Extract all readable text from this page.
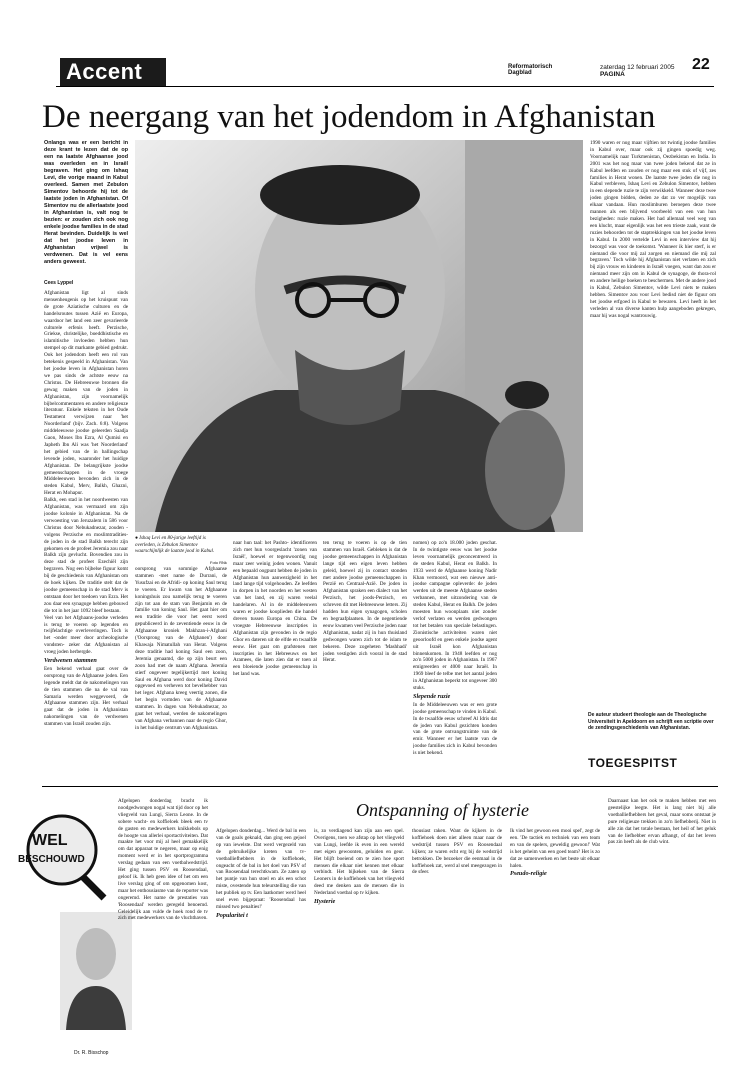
Accent	Reformatorisch Dagblad
zaterdag 12 februari 2005 PAGINA
22
De neergang van het jodendom in Afghanistan
Onlangs was er een bericht in deze krant te lezen dat de op een na laatste Afghaanse jood was overleden en in Israël begraven. Het ging om Ishaq Levi, die vorige maand in Kabul overleed. Samen met Zebulon Simentov behoorde hij tot de laatste joden in Afghanistan. Of Simentov nu de allerlaatste jood in Afghanistan is, valt nog te bezien: er zouden zich ook nog enkele joodse families in de stad Herat bevinden. Duidelijk is wel dat het joodse leven in Afghanistan vrijwel is verdwenen. Dat is vel eens anders geweest.
Cees Lyppel

Afghanistan ligt al sinds mensenheugenis op het kruispunt van de grote Aziatische culturen en de handelsroutes tussen Azië en Europa, waardoor het land een zeer gevarieerde culturele erfenis heeft. Perzische, Griekse, christelijke, boeddhistische en islamitische invloeden hebben hun stempel op dit markante gebied gedrukt. Ook het jodendom heeft een rol van betekenis gespeeld in Afghanistan. Van het joodse leven in Afghanistan horen we pas sinds de achtste eeuw na Christus. De Hebreeuwse bronnen die gewag maken van de joden in Afghanistan, zijn voornamelijk bijbelcommentaren en andere religieuze literatuur. Enkele teksten in het Oude Testament verwijzen naar 'het Noorderland' (bijv. Zach. 6:8). Volgens middeleeuwse joodse geleerden Saadja Gaon, Moses Ibn Ezra, Al Qumisi en Japheth Ibn Ali was 'het Noorderland' het gebied van de in ballingschap levende joden, waaronder het huidige Afghanistan. De belangrijkste joodse gemeenschappen in de vroege Middeleeuwen bevonden zich in de steden Kabul, Merv, Balkh, Ghazni, Herat en Mohapur.

Balkh, een stad in het noordwesten van Afghanistan, was vermaard om zijn joodse kolonie in Afghanistan. Na de verwoesting van Jeruzalem in 586 voor Christus door Nebukadnezar, zouden -volgens Perzische en moslimtradities- de joden in de stad Balkh terecht zijn gekomen en de profeet Jeremia zou naar Balkh zijn gevlucht. Bovendien zou in deze stad de profeet Ezechiël zijn begraven. Nog een bijbelse figuur komt bij de geschiedenis van Afghanistan om de hoek kijken. De traditie stelt dat de joodse gemeenschap in de stad Merv is ontstaan door het toedoen van Ezra. Het zou daar een synagoge hebben gebouwd die tot in het jaar 1092 bleef bestaan.

Veel van het Afghaans-joodse verleden is terug te voeren op legenden en twijfelachtige overleveringen. Toch is het -onder meer door archeologische vondsten- zeker dat Afghanistan al vroeg joden herbergde.

Verdwenen stammen

Een bekend verhaal gaat over de oorsprong van de Afghaanse joden. Een legende meldt dat de nakomelingen van de tien stammen die na de val van Samaria werden weggevoerd, de Afghaanse stammen zijn. Het verhaal gaat dat de joden in Afghanistan nakomelingen van de verdwenen stammen van Israël zouden zijn.

● Ishaq Levi en 80-jarige leeftijd is overleden, is Zebulon Simentov waarschijnlijk de laatste jood in Kabul.
Foto RNk

1990 waren er nog maar vijftien tot twintig joodse families in Kabul over, maar ook zij gingen spoedig weg. Voornamelijk naar Turkmenistan, Oezbekistan en India. In 2001 was het nog maar van twee joden bekend dat ze in Kabul leefden en zouden er nog maar een stuk of vijf, zes families in Herat wonen. De laatste twee joden die nog in Kabul verbleven, Ishaq Levi en Zebulon Simentov, hebben in een slepende ruzie te zijn verwikkeld. Wanneer deze twee joden gingen bidden, deden ze dat zo ver mogelijk van elkaar vandaan. Hun moslimburen beroepen deze twee mannen als een blijvend voorbeeld van een van hun bezigheden: ruzie maken. Het had allemaal veel weg van een klucht, maar eigenlijk was het een trieste zaak, want de ruzies behoorden tot de staptrekkingen van het joodse leven in Kabul. In 2000 vertelde Levi in een interview dat hij bezorgd was voor de toekomst. 'Wanneer ik hier sterf, is er niemand die voor mij zal zorgen en niemand die mij zal begraven.' Toch wilde hij Afghanistan niet verlaten en zich bij zijn vrouw en kinderen in Israël voegen, want dan zou er niemand meer zijn om in Kabul de synagoge, de thora-rol en andere heilige boeken te beschermen. Met de andere jood in Kabul, Zebulon Simentov, wilde Levi niets te maken hebben. Simentov zou voor Levi bedisd niet de figuur om het joodse erfgoed in Kabul te bewaren. Levi heeft in het verleden al van diverse kanten hulp aangeboden gekregen, maar hij was nogal wantrouwig.

oorsprong van sommige Afghaanse stammen -met name de Durrani, de Yusufzai en de Afridi- op koning Saul terug te voeren. Er kwam van het Afghaanse koningshuis zou namelijk terug te voeren zijn tot aan de stam van Benjamin en de familie van koning Saul. Het gaat hier om een traditie die voor het eerst werd gepubliceerd in de zeventiende eeuw in de Afghaanse kroniek Makhzan-i-Afghani ('Oorsprong van de Afghanen') door Khawaja Nimatullah van Herat. Volgens deze traditie had koning Saul een zoon, Jeremia genaamd, die op zijn beurt een zoon had met de naam Afghana. Jeremia stierf ongeveer tegelijkertijd met koning Saul en Afghana werd door koning David opgevoed en verheven tot bevelhebber van het leger. Afghana kreeg veertig zonen, die het begin vormden van de Afghaanse stammen. In dagen van Nebukadnezar, zo gaat het verhaal, werden de nakomelingen van Afghana verbannen naar de regio Ghor, in het huidige centrum van Afghanistan.

naar hun taal: het Pashto- identificeren zich met hun voorgeslacht 'zonen van Israël', hoewel er tegenwoordig nog maar zeer weinig joden wonen. Vanuit een bepaald oogpunt hebben de joden in Afghanistan hun aanwezigheid in het land lange tijd volgehouden. Ze leefden in dorpen in het noorden en het westen van het land, en zij waren veelal handelaren. Al in de middeleeuwen waren er joodse kooplieden die handel dreven tussen Europa en China. De vroegste Hebreeuwse inscripties in Afghanistan zijn gevonden in de regio Ghor en dateren uit de elfde en twaalfde eeuw. Het gaat om grafstenen met inscripties in het Hebreeuws en het Aramees, die laten zien dat er toen al een bloeiende joodse gemeenschap in het land was.

ten terug te voeren is op de tien stammen van Israël. Gebleken is dat de joodse gemeenschappen in Afghanistan lange tijd een eigen leven hebben geleid, hoewel zij in contact stonden met andere joodse gemeenschappen in Perzië en Centraal-Azië. De joden in Afghanistan spraken een dialect van het Perzisch, het joods-Perzisch, en schreven dit met Hebreeuwse letters. Zij hadden hun eigen synagogen, scholen en begraafplaatsen. In de negentiende eeuw kwamen veel Perzische joden naar Afghanistan, nadat zij in hun thuisland gedwongen waren zich tot de islam te bekeren. Deze zogeheten 'Mashhadi' joden vestigden zich vooral in de stad Herat.

nomen) op zo'n 18.000 joden geschat. In de twintigste eeuw was het joodse leven voornamelijk geconcentreerd in de steden Kabul, Herat en Balkh. In 1933 werd de Afghaanse koning Nadir Khan vermoord, wat een nieuwe anti-joodse campagne opleverde: de joden werden uit de meeste Afghaanse steden verbannen, met uitzondering van de steden Kabul, Herat en Balkh. De joden moesten hun woonplaats niet zonder verlof verlaten en werden gedwongen tot het betalen van speciale belastingen. Zionistische activiteiten waren niet geoorloofd en geen enkele joodse agent uit Israël kon Afghanistan binnenkomen. In 1948 leefden er nog zo'n 5000 joden in Afghanistan. In 1967 emigreerden er 4000 naar Israël. In 1969 bleef de telbe met het aantal joden in Afghanistan beperkt tot ongeveer 300 stuks.

Slepende ruzie

In de Middeleeuwen was er een grote joodse gemeenschap te vinden in Kabul. In de twaalfde eeuw schreef Al Idris dat de joden van Kabul gezichten konden van de grote ontvangstruimte van de emir. Wanneer er het laatste van de joodse families zich in Kabul bevonden is niet bekend.

De auteur studeert theologie aan de Theologische Universiteit in Apeldoorn en schrijft een scriptie over de zendingsgeschiedenis van Afghanistan.
TOEGESPITST
WEL
BESCHOUWD
Dr. R. Bisschop
Ontspanning of hysterie

Afgelopen donderdag bracht ik noodgedwongen nogal wat tijd door op het vliegveld van Lungi, Sierra Leone. In de sobere wacht- en koffieloek bleek een tv de gasten en medewerkers knikkebols op de hoogte van allerlei sportactiviteiten. Dat maakte het voor mij al heel gemakkelijk om dat apparaat te negeren, maar op enig moment werd er in het sportprogramma verslag gedaan van een voetbalwedstrijd. Het ging tussen PSV en Roosendaal, geloof ik. Ik heb geen idee of het om een live verslag ging of om opgenomen kost, maar het enthousiasme van de reporter was ongeremd. Het name de prestaties van 'Roosendaal' werden geregeld benoemd. Geleidelijk aan vulde de hoek rond de tv zich met medewerkers van de vluchthaven.

Afgelopen donderdag... Werd de bal in een van de goals geknald, dan ging een gejoel op van iewelste. Dat werd vergezeld van de gebruikelijke kreten van tv-voetballiefhebbers in de koffiehoek, ongeacht of de bal in het doel van PSV of van Roosendaal terechtkwam. Ze zaten op het puntje van hun stoel en als een schot miste, ovestende hun teleurstelling die van het publiek op tv. Een laatkomer werd heel snel even bijgepraat: 'Roosendaal has missed two penalties!'

Popularitei t

is, zo verdiagend kan zijn aan een spel. Overigens, toen we afstap op het vliegveld van Lungi, leefde ik even in een wereld met eigen gewoonten, geluiden en geur. Het blijft boeiend om te zien hoe sport mensen die elkaar niet kennen met elkaar verbindt. Het bijkeken van de Sierra Leoners in de koffiehoek van het vliegveld deed me denken aan de mensen die in Nederland voetbal op tv kijken.

Hysterie

thousiast raken. Want de kijkers in de koffiehoek doen niet alleen maar naar de wedstrijd tussen PSV en Roosendaal kijken; ze waren echt erg bij de wedstrijd betrokken. De bezoeker die eenmaal in de koffiehoek zat, werd al snel meegezogen in de sfeer.

Ik vind het gewoon een mooi spel', zegt de een. 'De tactiek en techniek van een team en van de spelers, geweldig gewoon!' Wat is het geheim van een goed team? Het is zo dat ze samenwerken en het beste uit elkaar halen.

Pseudo-religie

Daarnaast kan het ook te maken hebben met een geestelijke leegte. Het is lang niet bij alle voetballiefhebbers het geval, maar soms ontstaat je pure religieuze trekken in zo'n liefhebberij. Niet in alle zin dat het totale bestaan, het heil of het geluk van de liefhebber ervan afhangt, of dat het leven pas zin heeft als de club wint.
